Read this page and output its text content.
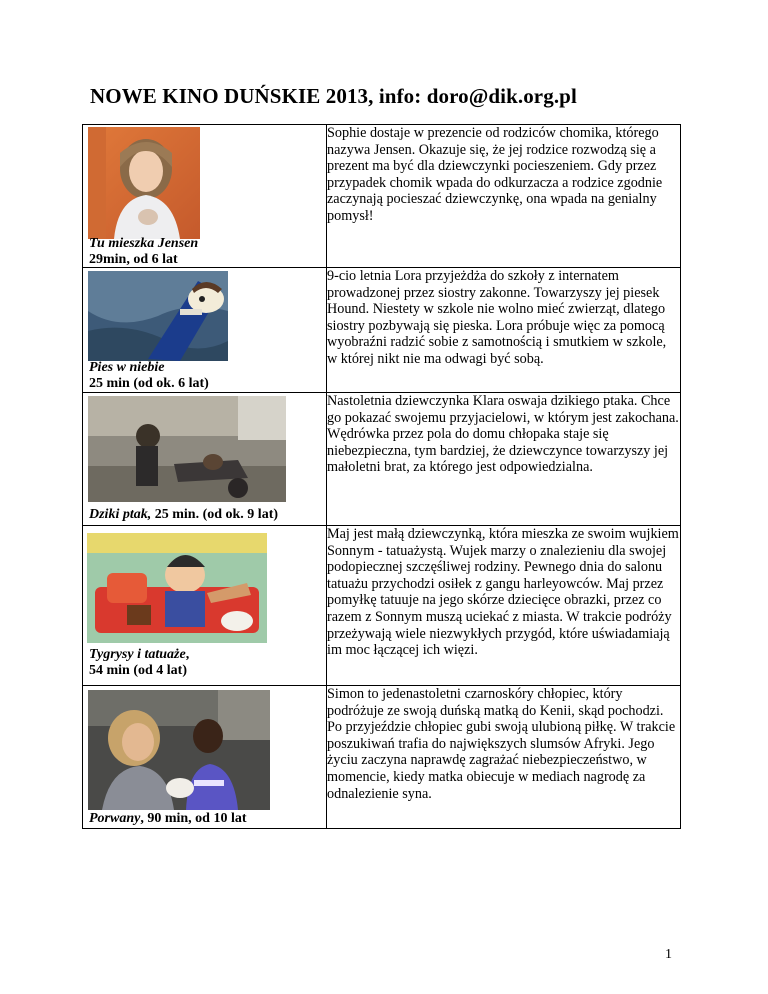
NOWE KINO DUŃSKIE 2013, info: doro@dik.org.pl
Tu mieszka Jensen
29min, od 6 lat	Sophie dostaje w prezencie od rodziców chomika, którego nazywa Jensen. Okazuje się, że jej rodzice rozwodzą się a prezent ma być dla dziewczynki pocieszeniem. Gdy przez przypadek chomik wpada do odkurzacza a rodzice zgodnie zaczynają pocieszać dziewczynkę, ona wpada na genialny pomysł!

Pies w niebie
25 min (od ok. 6 lat)	9-cio letnia Lora przyjeżdża do szkoły z internatem prowadzonej przez siostry zakonne. Towarzyszy jej piesek Hound. Niestety w szkole nie wolno mieć zwierząt, dlatego siostry pozbywają się pieska. Lora próbuje więc za pomocą wyobraźni radzić sobie z samotnością i smutkiem w szkole, w której nikt nie ma odwagi być sobą.

Dziki ptak, 25 min. (od ok. 9 lat)	Nastoletnia dziewczynka Klara oswaja dzikiego ptaka. Chce go pokazać swojemu przyjacielowi, w którym jest zakochana. Wędrówka przez pola do domu chłopaka staje się niebezpieczna, tym bardziej, że dziewczynce towarzyszy jej małoletni brat, za którego jest odpowiedzialna.

Tygrysy i tatuaże,
54 min (od 4 lat)	Maj jest małą dziewczynką, która mieszka ze swoim wujkiem Sonnym - tatuażystą. Wujek marzy o znalezieniu dla swojej podopiecznej szczęśliwej rodziny. Pewnego dnia do salonu tatuażu przychodzi osiłek z gangu harleyowców. Maj przez pomyłkę tatuuje na jego skórze dziecięce obrazki, przez co razem z Sonnym muszą uciekać z miasta. W trakcie podróży przeżywają wiele niezwykłych przygód, które uświadamiają im moc łączącej ich więzi.

Porwany, 90 min, od 10 lat	Simon to jedenastoletni czarnoskóry chłopiec, który podróżuje ze swoją duńską matką do Kenii, skąd pochodzi. Po przyjeździe chłopiec gubi swoją ulubioną piłkę. W trakcie poszukiwań trafia do największych slumsów Afryki. Jego życiu zaczyna naprawdę zagrażać niebezpieczeństwo, w momencie, kiedy matka obiecuje w mediach nagrodę za odnalezienie syna.
1
